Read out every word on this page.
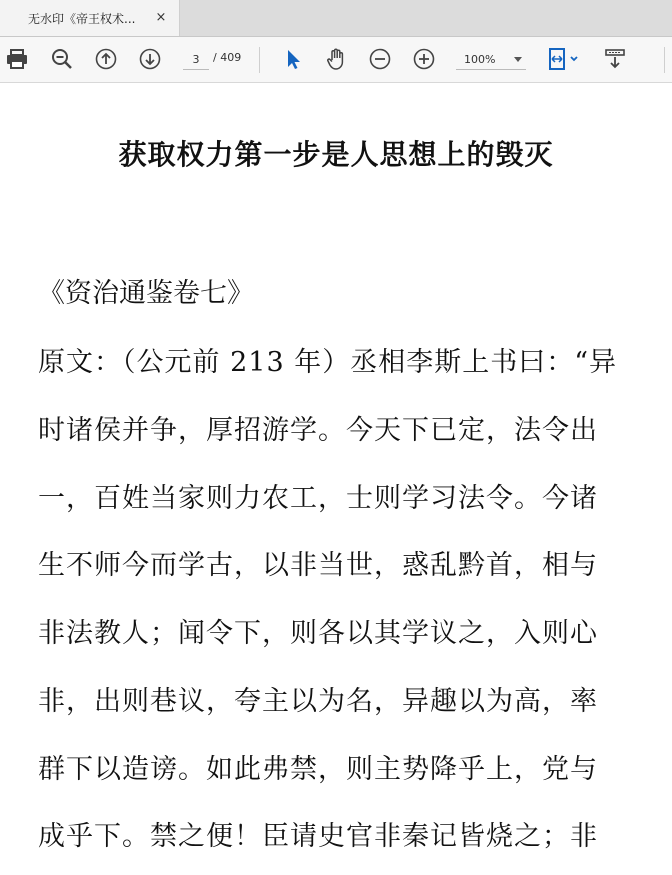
无水印《帝王权术...	×
3
/ 409	100%
获取权力第一步是人思想上的毁灭
《资治通鉴卷七》
原文：（公元前 213 年）丞相李斯上书曰：“异
时诸侯并争，厚招游学。今天下已定，法令出
一，百姓当家则力农工，士则学习法令。今诸
生不师今而学古，以非当世，惑乱黔首，相与
非法教人；闻令下，则各以其学议之，入则心
非，出则巷议，夸主以为名，异趣以为高，率
群下以造谤。如此弗禁，则主势降乎上，党与
成乎下。禁之便！臣请史官非秦记皆烧之；非
